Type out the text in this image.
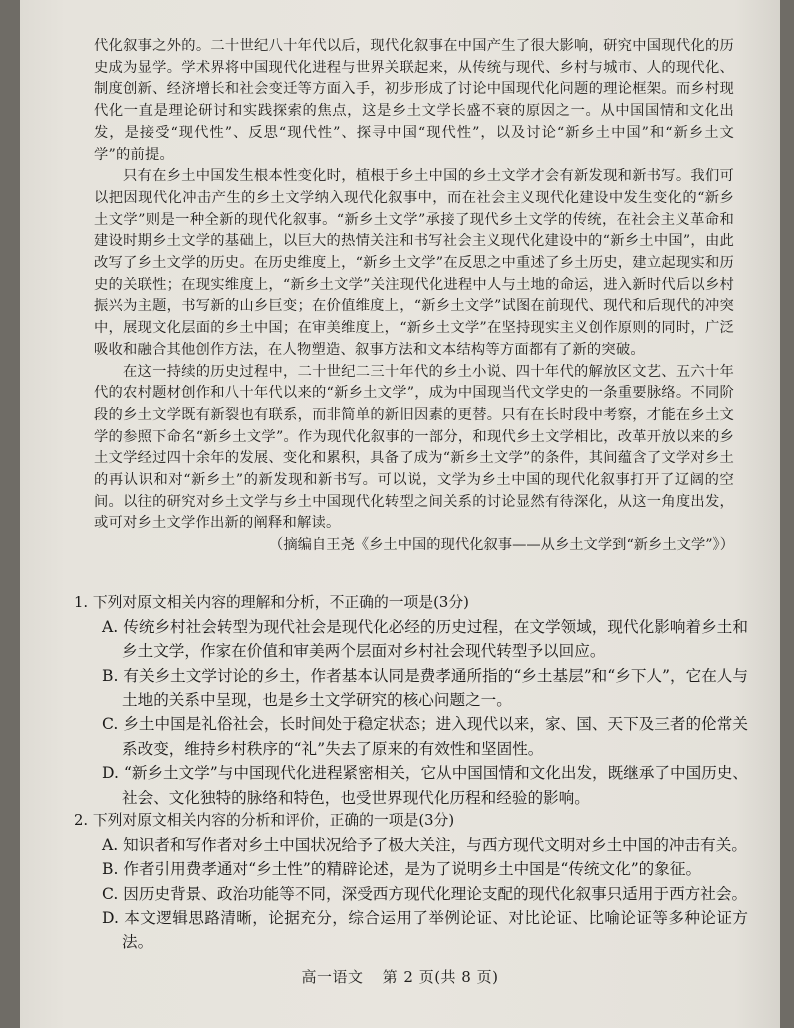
代化叙事之外的。二十世纪八十年代以后，现代化叙事在中国产生了很大影响，研究中国现代化的历史成为显学。学术界将中国现代化进程与世界关联起来，从传统与现代、乡村与城市、人的现代化、制度创新、经济增长和社会变迁等方面入手，初步形成了讨论中国现代化问题的理论框架。而乡村现代化一直是理论研讨和实践探索的焦点，这是乡土文学长盛不衰的原因之一。从中国国情和文化出发，是接受“现代性”、反思“现代性”、探寻中国“现代性”，以及讨论“新乡土中国”和“新乡土文学”的前提。

只有在乡土中国发生根本性变化时，植根于乡土中国的乡土文学才会有新发现和新书写。我们可以把因现代化冲击产生的乡土文学纳入现代化叙事中，而在社会主义现代化建设中发生变化的“新乡土文学”则是一种全新的现代化叙事。“新乡土文学”承接了现代乡土文学的传统，在社会主义革命和建设时期乡土文学的基础上，以巨大的热情关注和书写社会主义现代化建设中的“新乡土中国”，由此改写了乡土文学的历史。在历史维度上，“新乡土文学”在反思之中重述了乡土历史，建立起现实和历史的关联性；在现实维度上，“新乡土文学”关注现代化进程中人与土地的命运，进入新时代后以乡村振兴为主题，书写新的山乡巨变；在价值维度上，“新乡土文学”试图在前现代、现代和后现代的冲突中，展现文化层面的乡土中国；在审美维度上，“新乡土文学”在坚持现实主义创作原则的同时，广泛吸收和融合其他创作方法，在人物塑造、叙事方法和文本结构等方面都有了新的突破。

在这一持续的历史过程中，二十世纪二三十年代的乡土小说、四十年代的解放区文艺、五六十年代的农村题材创作和八十年代以来的“新乡土文学”，成为中国现当代文学史的一条重要脉络。不同阶段的乡土文学既有新裂也有联系，而非简单的新旧因素的更替。只有在长时段中考察，才能在乡土文学的参照下命名“新乡土文学”。作为现代化叙事的一部分，和现代乡土文学相比，改革开放以来的乡土文学经过四十余年的发展、变化和累积，具备了成为“新乡土文学”的条件，其间蕴含了文学对乡土的再认识和对“新乡土”的新发现和新书写。可以说，文学为乡土中国的现代化叙事打开了辽阔的空间。以往的研究对乡土文学与乡土中国现代化转型之间关系的讨论显然有待深化，从这一角度出发，或可对乡土文学作出新的阐释和解读。

（摘编自王尧《乡土中国的现代化叙事——从乡土文学到“新乡土文学”》）

1. 下列对原文相关内容的理解和分析，不正确的一项是(3分)

A. 传统乡村社会转型为现代社会是现代化必经的历史过程，在文学领域，现代化影响着乡土和乡土文学，作家在价值和审美两个层面对乡村社会现代转型予以回应。

B. 有关乡土文学讨论的乡土，作者基本认同是费孝通所指的“乡土基层”和“乡下人”，它在人与土地的关系中呈现，也是乡土文学研究的核心问题之一。

C. 乡土中国是礼俗社会，长时间处于稳定状态；进入现代以来，家、国、天下及三者的伦常关系改变，维持乡村秩序的“礼”失去了原来的有效性和坚固性。

D. “新乡土文学”与中国现代化进程紧密相关，它从中国国情和文化出发，既继承了中国历史、社会、文化独特的脉络和特色，也受世界现代化历程和经验的影响。

2. 下列对原文相关内容的分析和评价，正确的一项是(3分)

A. 知识者和写作者对乡土中国状况给予了极大关注，与西方现代文明对乡土中国的冲击有关。

B. 作者引用费孝通对“乡土性”的精辟论述，是为了说明乡土中国是“传统文化”的象征。

C. 因历史背景、政治功能等不同，深受西方现代化理论支配的现代化叙事只适用于西方社会。

D. 本文逻辑思路清晰，论据充分，综合运用了举例论证、对比论证、比喻论证等多种论证方法。

高一语文 第 2 页(共 8 页)
